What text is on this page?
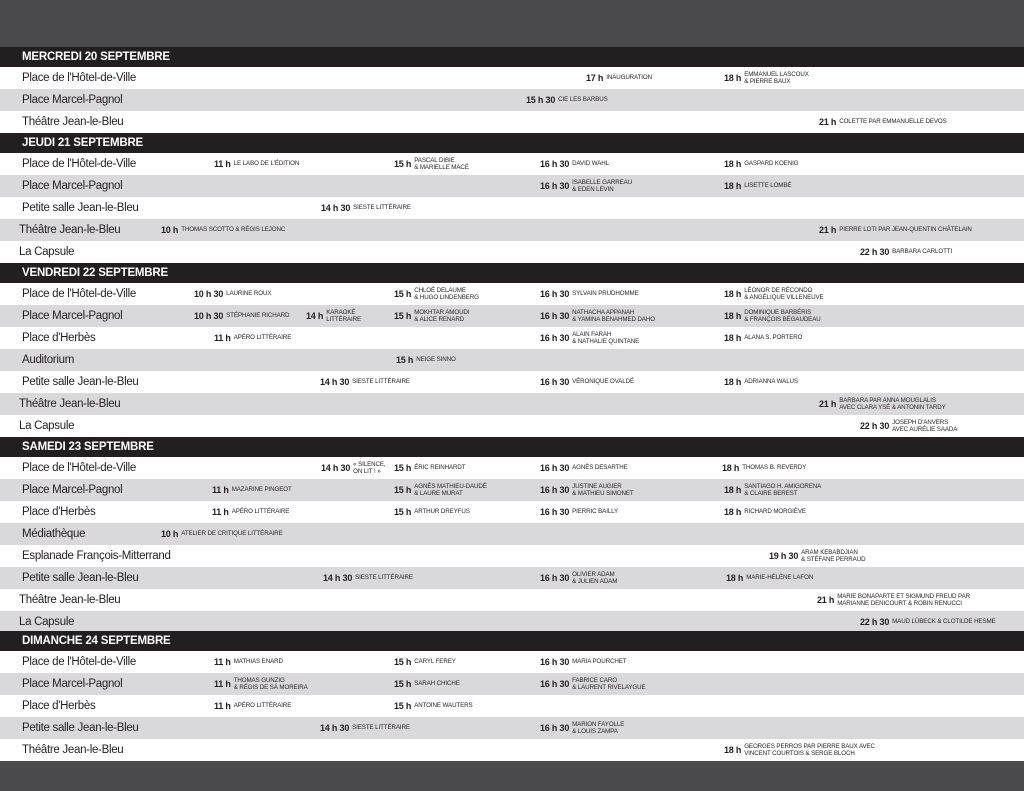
MERCREDI 20 SEPTEMBRE
Place de l'Hôtel-de-Ville	17 h INAUGURATION	18 h EMMANUEL LASCOUX
& PIERRE BAUX
Place Marcel-Pagnol	15 h 30 CIE LES BARBUS
Théâtre Jean-le-Bleu	21 h COLETTE PAR EMMANUELLE DEVOS
JEUDI 21 SEPTEMBRE
Place de l'Hôtel-de-Ville	11 h LE LABO DE L'ÉDITION	15 h PASCAL DIBIE
& MARIELLE MACÉ	16 h 30 DAVID WAHL	18 h GASPARD KOENIG
Place Marcel-Pagnol	16 h 30 ISABELLE GARREAU
& EDEN LEVIN	18 h LISETTE LOMBÉ
Petite salle Jean-le-Bleu	14 h 30 SIESTE LITTÉRAIRE
Théâtre Jean-le-Bleu	10 h THOMAS SCOTTO & RÉGIS LEJONC	21 h PIERRE LOTI PAR JEAN-QUENTIN CHÂTELAIN
La Capsule	22 h 30 BARBARA CARLOTTI
VENDREDI 22 SEPTEMBRE
Place de l'Hôtel-de-Ville	10 h 30 LAURINE ROUX	15 h CHLOÉ DELAUME
& HUGO LINDENBERG	16 h 30 SYLVAIN PRUDHOMME	18 h LÉONOR DE RÉCONDO
& ANGÉLIQUE VILLENEUVE
Place Marcel-Pagnol	10 h 30 STÉPHANIE RICHARD 14 h KARAOKÉ
LITTÉRAIRE	15 h MOKHTAR AMOUDI
& ALICE RENARD	16 h 30 NATHACHA APPANAH
& YAMINA BENAHMED DAHO	18 h DOMINIQUE BARBÉRIS
& FRANÇOIS BÉGAUDEAU
Place d'Herbès	11 h APÉRO LITTÉRAIRE	16 h 30 ALAIN FARAH
& NATHALIE QUINTANE	18 h ALANA S. PORTERO
Auditorium	15 h NEIGE SINNO
Petite salle Jean-le-Bleu	14 h 30 SIESTE LITTÉRAIRE	16 h 30 VÉRONIQUE OVALDÉ	18 h ADRIANNA WALUS
Théâtre Jean-le-Bleu	21 h BARBARA PAR ANNA MOUGLALIS
AVEC CLARA YSÉ & ANTONIN TARDY
La Capsule	22 h 30 JOSEPH D'ANVERS
AVEC AURÉLIE SAADA
SAMEDI 23 SEPTEMBRE
Place de l'Hôtel-de-Ville	14 h 30 « SILENCE,
ON LIT ! »	15 h ÉRIC REINHARDT	16 h 30 AGNÈS DESARTHE	18 h THOMAS B. REVERDY
Place Marcel-Pagnol	11 h MAZARINE PINGEOT	15 h AGNÈS MATHIEU-DAUDÉ
& LAURE MURAT	16 h 30 JUSTINE AUGIER
& MATHIEU SIMONET	18 h SANTIAGO H. AMIGORENA
& CLAIRE BEREST
Place d'Herbès	11 h APÉRO LITTÉRAIRE	15 h ARTHUR DREYFUS	16 h 30 PIERRIC BAILLY	18 h RICHARD MORGIÈVE
Médiathèque	10 h ATELIER DE CRITIQUE LITTÉRAIRE
Esplanade François-Mitterrand	19 h 30 ARAM KEBABDJIAN
& STÉFANE PERRAUD
Petite salle Jean-le-Bleu	14 h 30 SIESTE LITTÉRAIRE	16 h 30 OLIVIER ADAM
& JULIEN ADAM	18 h MARIE-HÉLÈNE LAFON
Théâtre Jean-le-Bleu	21 h MARIE BONAPARTE ET SIGMUND FREUD PAR
MARIANNE DENICOURT & ROBIN RENUCCI
La Capsule	22 h 30 MAUD LÜBECK & CLOTILDE HESME
DIMANCHE 24 SEPTEMBRE
Place de l'Hôtel-de-Ville	11 h MATHIAS ENARD	15 h CARYL FEREY	16 h 30 MARIA POURCHET
Place Marcel-Pagnol	11 h THOMAS GUNZIG
& RÉGIS DE SÁ MOREIRA	15 h SARAH CHICHE	16 h 30 FABRICE CARO
& LAURENT RIVELAYGUE
Place d'Herbès	11 h APÉRO LITTÉRAIRE	15 h ANTOINE WAUTERS
Petite salle Jean-le-Bleu	14 h 30 SIESTE LITTÉRAIRE	16 h 30 MARION FAYOLLE
& LOUIS ZAMPA
Théâtre Jean-le-Bleu	18 h GEORGES PERROS PAR PIERRE BAUX AVEC
VINCENT COURTOIS & SERGE BLOCH
